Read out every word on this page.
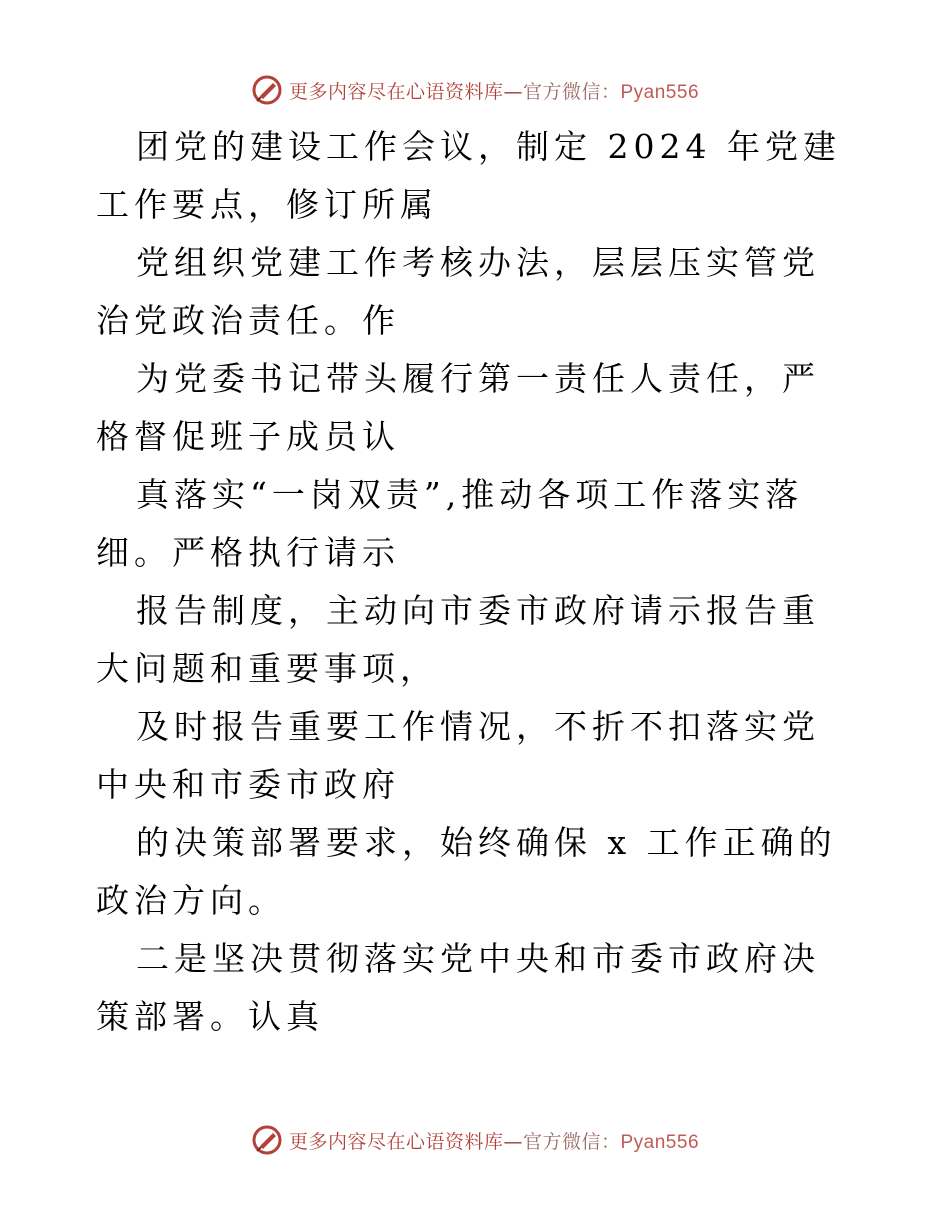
更多内容尽在心语资料库—官方微信：Pyan556

团党的建设工作会议，制定 2024 年党建工作要点，修订所属

党组织党建工作考核办法，层层压实管党治党政治责任。作

为党委书记带头履行第一责任人责任，严格督促班子成员认

真落实“一岗双责”,推动各项工作落实落细。严格执行请示

报告制度，主动向市委市政府请示报告重大问题和重要事项，

及时报告重要工作情况，不折不扣落实党中央和市委市政府

的决策部署要求，始终确保 x 工作正确的政治方向。

二是坚决贯彻落实党中央和市委市政府决策部署。认真

更多内容尽在心语资料库—官方微信：Pyan556
